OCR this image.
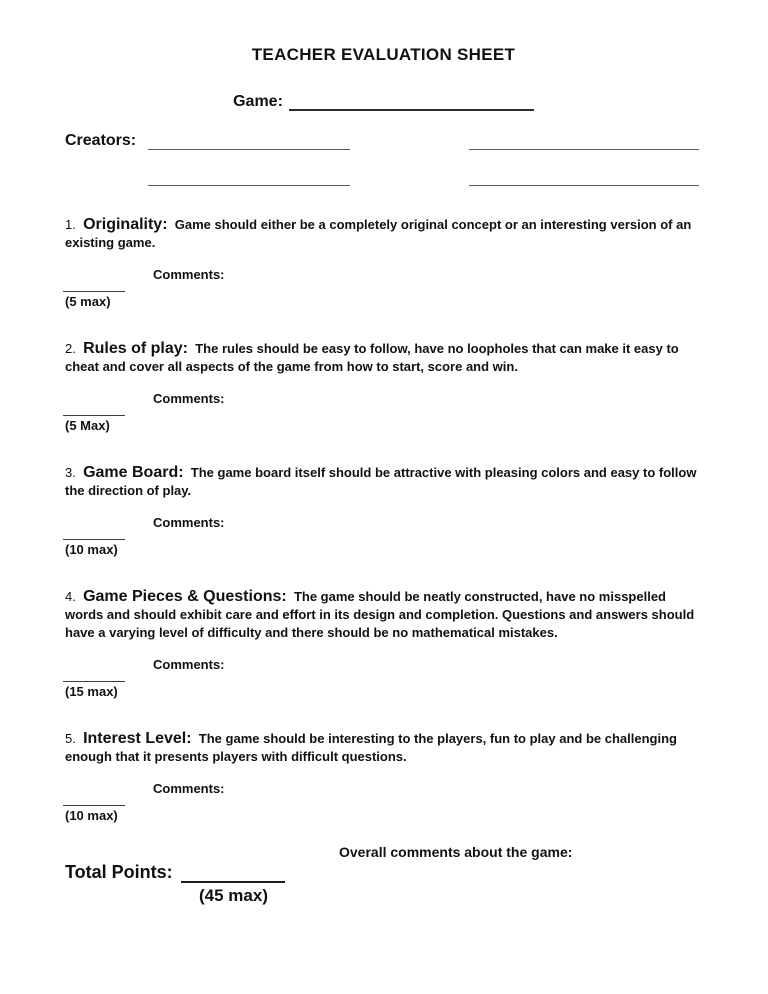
TEACHER EVALUATION SHEET
Game:
Creators:

1. Originality: Game should either be a completely original concept or an interesting version of an existing game.

Comments:
(5 max)

2. Rules of play: The rules should be easy to follow, have no loopholes that can make it easy to cheat and cover all aspects of the game from how to start, score and win.

Comments:
(5 Max)

3. Game Board: The game board itself should be attractive with pleasing colors and easy to follow the direction of play.

Comments:
(10 max)

4. Game Pieces & Questions: The game should be neatly constructed, have no misspelled words and should exhibit care and effort in its design and completion. Questions and answers should have a varying level of difficulty and there should be no mathematical mistakes.

Comments:
(15 max)

5. Interest Level: The game should be interesting to the players, fun to play and be challenging enough that it presents players with difficult questions.

Comments:
(10 max)
Overall comments about the game:
Total Points:
(45 max)
